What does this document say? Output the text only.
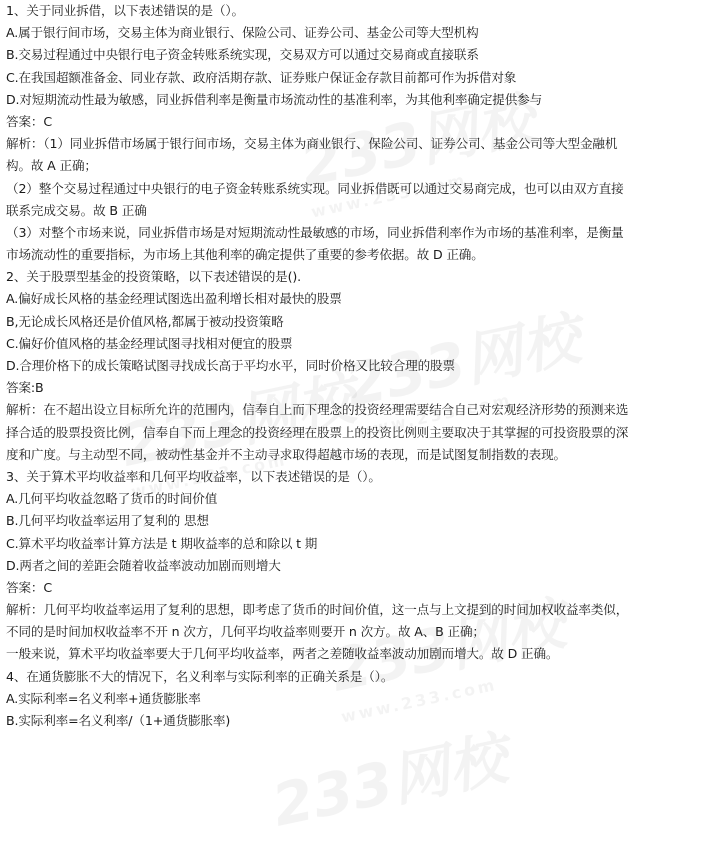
1、关于同业拆借，以下表述错误的是（）。
A.属于银行间市场，交易主体为商业银行、保险公司、证券公司、基金公司等大型机构
B.交易过程通过中央银行电子资金转账系统实现，交易双方可以通过交易商或直接联系
C.在我国超额准备金、同业存款、政府活期存款、证券账户保证金存款目前都可作为拆借对象
D.对短期流动性最为敏感，同业拆借利率是衡量市场流动性的基准利率，为其他利率确定提供参与
答案：C
解析：（1）同业拆借市场属于银行间市场，交易主体为商业银行、保险公司、证券公司、基金公司等大型金融机
构。故 A 正确；
（2）整个交易过程通过中央银行的电子资金转账系统实现。同业拆借既可以通过交易商完成，也可以由双方直接
联系完成交易。故 B 正确
（3）对整个市场来说，同业拆借市场是对短期流动性最敏感的市场，同业拆借利率作为市场的基准利率，是衡量
市场流动性的重要指标，为市场上其他利率的确定提供了重要的参考依据。故 D 正确。
2、关于股票型基金的投资策略，以下表述错误的是().
A.偏好成长风格的基金经理试图选出盈利增长相对最快的股票
B,无论成长风格还是价值风格,都属于被动投资策略
C.偏好价值风格的基金经理试图寻找相对便宜的股票
D.合理价格下的成长策略试图寻找成长高于平均水平，同时价格又比较合理的股票
答案:B
解析：在不超出设立目标所允许的范围内，信奉自上而下理念的投资经理需要结合自己对宏观经济形势的预测来选
择合适的股票投资比例，信奉自下而上理念的投资经理在股票上的投资比例则主要取决于其掌握的可投资股票的深
度和广度。与主动型不同，被动性基金并不主动寻求取得超越市场的表现，而是试图复制指数的表现。
3、关于算术平均收益率和几何平均收益率，以下表述错误的是（）。
A.几何平均收益忽略了货币的时间价值
B.几何平均收益率运用了复利的 思想
C.算术平均收益率计算方法是 t 期收益率的总和除以 t 期
D.两者之间的差距会随着收益率波动加剧而则增大
答案：C
解析：几何平均收益率运用了复利的思想，即考虑了货币的时间价值，这一点与上文提到的时间加权收益率类似，
不同的是时间加权收益率不开 n 次方，几何平均收益率则要开 n 次方。故 A、B 正确；
一般来说，算术平均收益率要大于几何平均收益率，两者之差随收益率波动加剧而增大。故 D 正确。
4、在通货膨胀不大的情况下，名义利率与实际利率的正确关系是（）。
A.实际利率=名义利率+通货膨胀率
B.实际利率=名义利率/（1+通货膨胀率)
